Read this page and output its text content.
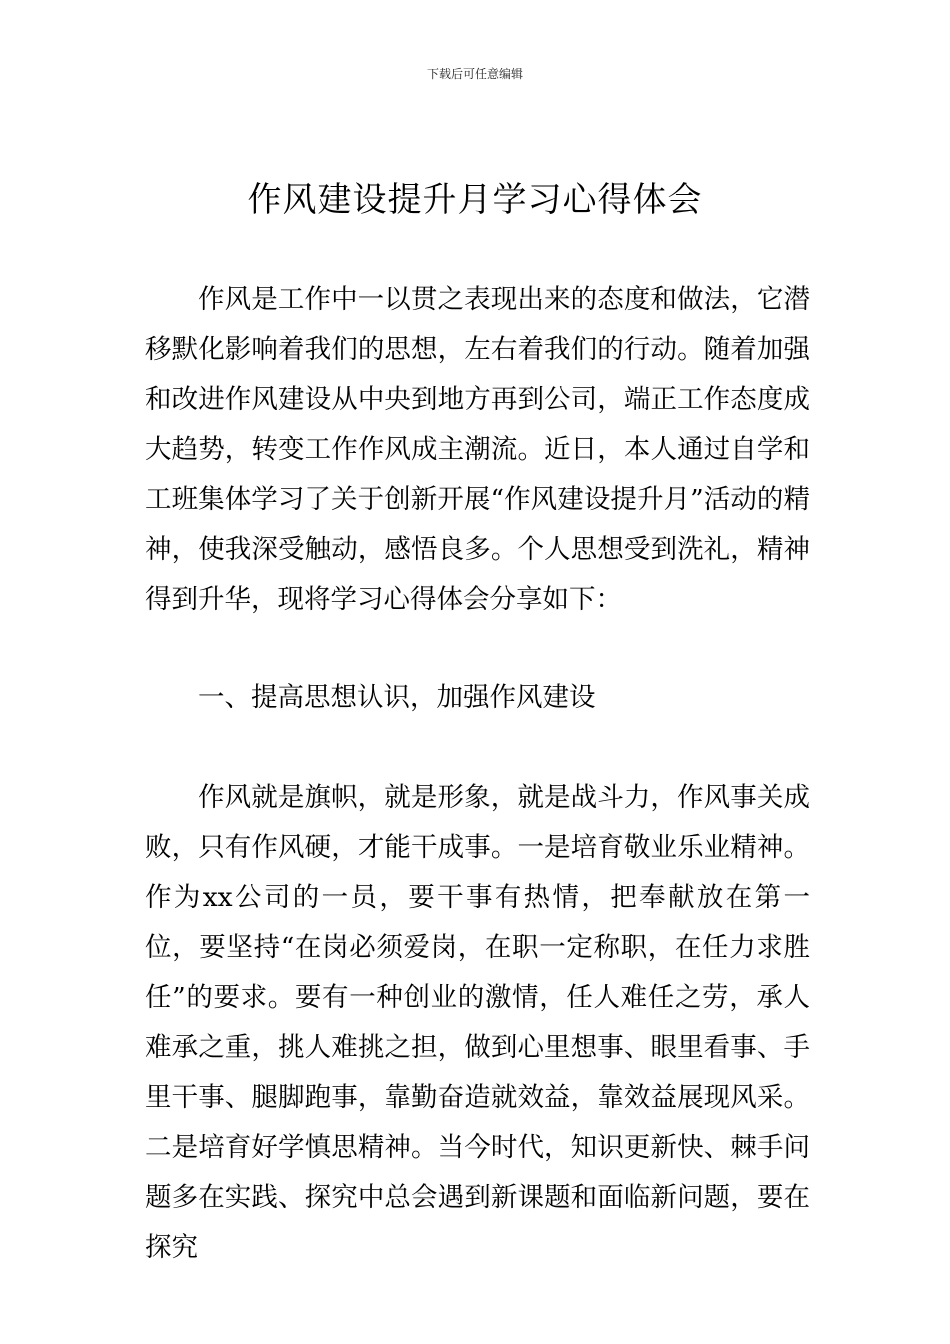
下载后可任意编辑
作风建设提升月学习心得体会

作风是工作中一以贯之表现出来的态度和做法，它潜移默化影响着我们的思想，左右着我们的行动。随着加强和改进作风建设从中央到地方再到公司，端正工作态度成大趋势，转变工作作风成主潮流。近日，本人通过自学和工班集体学习了关于创新开展“作风建设提升月”活动的精神，使我深受触动，感悟良多。个人思想受到洗礼，精神得到升华，现将学习心得体会分享如下：

一、提高思想认识，加强作风建设

作风就是旗帜，就是形象，就是战斗力，作风事关成败，只有作风硬，才能干成事。一是培育敬业乐业精神。作为xx公司的一员，要干事有热情，把奉献放在第一位，要坚持“在岗必须爱岗，在职一定称职，在任力求胜任”的要求。要有一种创业的激情，任人难任之劳，承人难承之重，挑人难挑之担，做到心里想事、眼里看事、手里干事、腿脚跑事，靠勤奋造就效益，靠效益展现风采。二是培育好学慎思精神。当今时代，知识更新快、棘手问题多在实践、探究中总会遇到新课题和面临新问题，要在探究
